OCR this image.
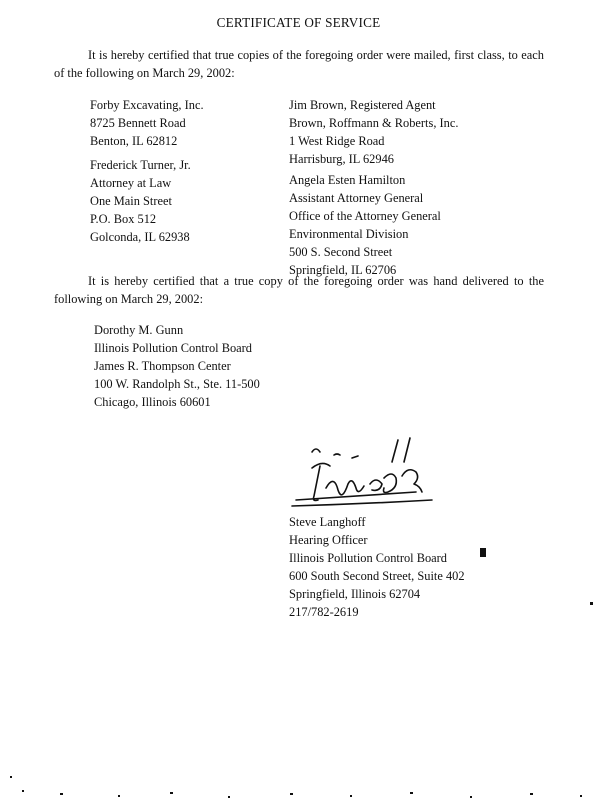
CERTIFICATE OF SERVICE
It is hereby certified that true copies of the foregoing order were mailed, first class, to each of the following on March 29, 2002:
Forby Excavating, Inc.
8725 Bennett Road
Benton, IL 62812
Jim Brown, Registered Agent
Brown, Roffmann & Roberts, Inc.
1 West Ridge Road
Harrisburg, IL 62946
Frederick Turner, Jr.
Attorney at Law
One Main Street
P.O. Box 512
Golconda, IL 62938
Angela Esten Hamilton
Assistant Attorney General
Office of the Attorney General
Environmental Division
500 S. Second Street
Springfield, IL 62706
It is hereby certified that a true copy of the foregoing order was hand delivered to the following on March 29, 2002:
Dorothy M. Gunn
Illinois Pollution Control Board
James R. Thompson Center
100 W. Randolph St., Ste. 11-500
Chicago, Illinois 60601
Steve Langhoff
Hearing Officer
Illinois Pollution Control Board
600 South Second Street, Suite 402
Springfield, Illinois 62704
217/782-2619
